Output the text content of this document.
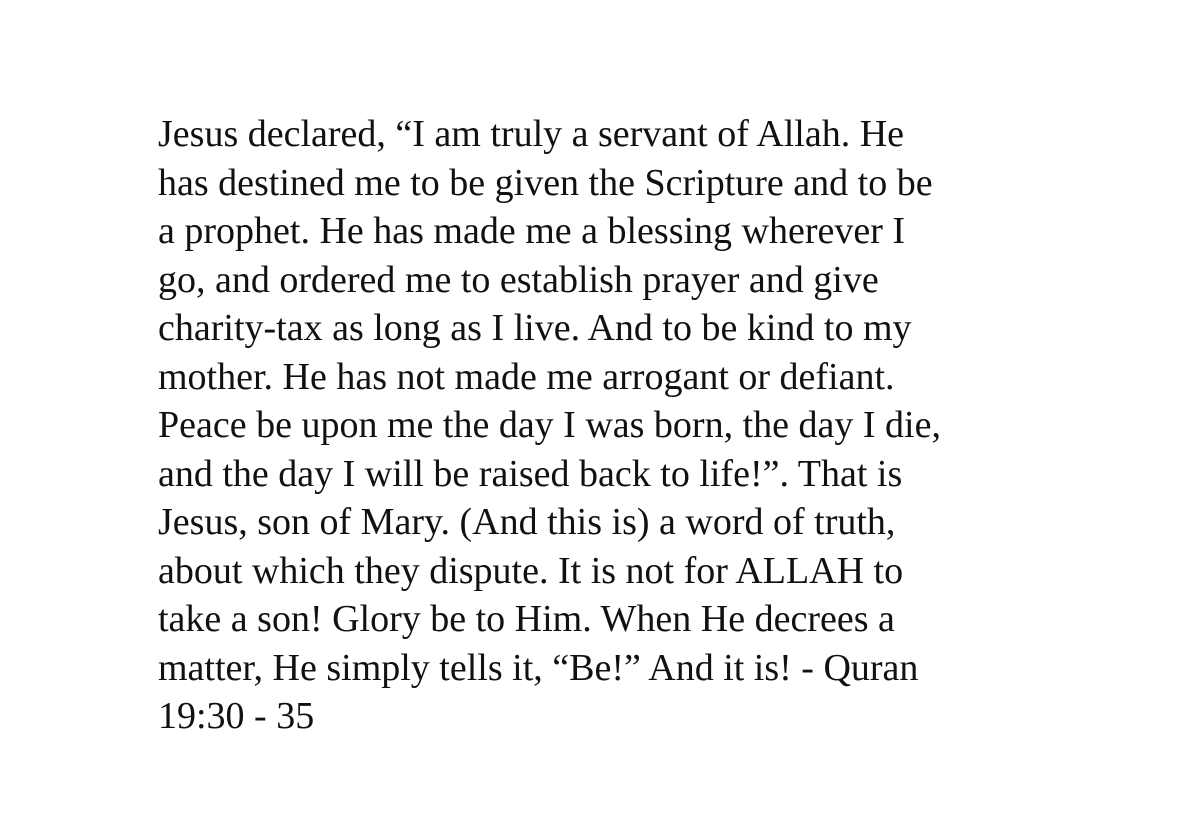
Jesus declared, “I am truly a servant of Allah. He
has destined me to be given the Scripture and to be
a prophet. He has made me a blessing wherever I
go, and ordered me to establish prayer and give
charity-tax as long as I live. And to be kind to my
mother. He has not made me arrogant or defiant.
Peace be upon me the day I was born, the day I die,
and the day I will be raised back to life!”. That is
Jesus, son of Mary. (And this is) a word of truth,
about which they dispute. It is not for ALLAH to
take a son! Glory be to Him. When He decrees a
matter, He simply tells it, “Be!” And it is! - Quran
19:30 - 35
